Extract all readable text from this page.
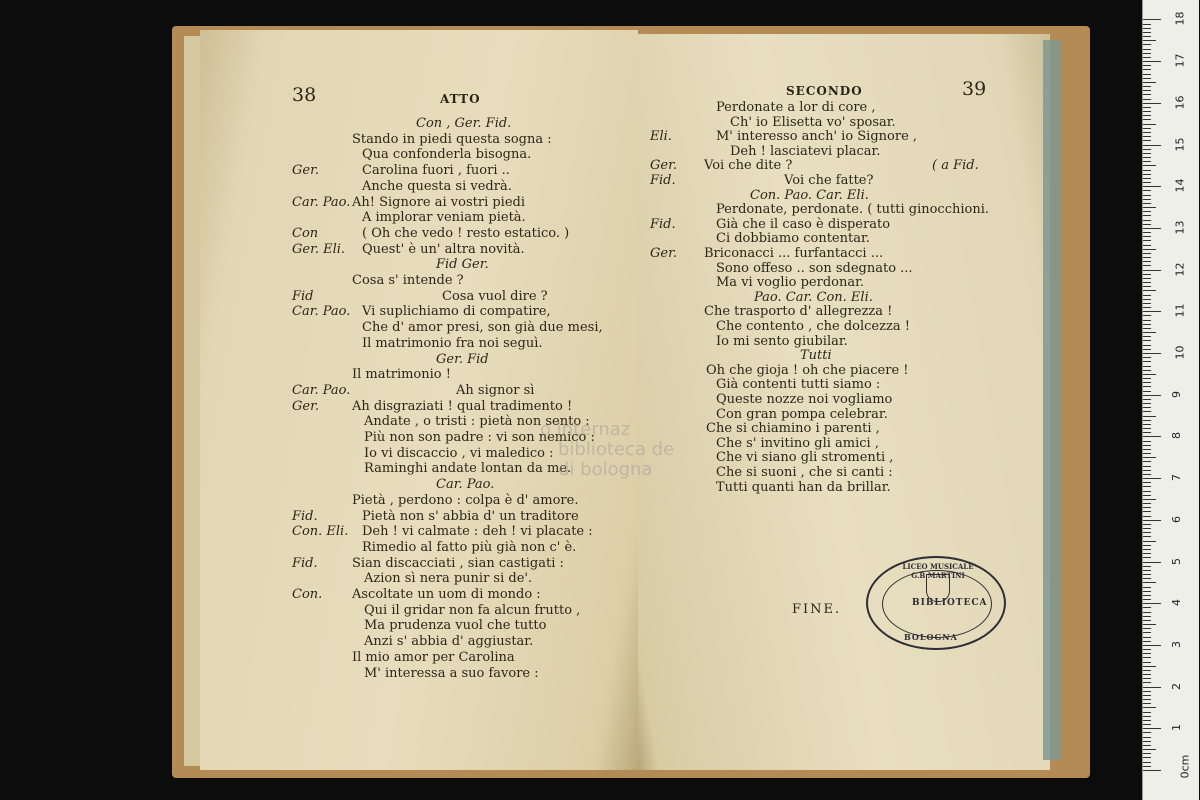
38	ATTO	39
SECONDO
Con , Ger. Fid.
Stando in piedi questa sogna :
Qua confonderla bisogna.
Ger.	Carolina fuori , fuori ..
Anche questa si vedrà.
Car. Pao. Ah! Signore ai vostri piedi
A implorar veniam pietà.
Con	( Oh che vedo ! resto estatico. )
Ger. Eli. Quest' è un' altra novità.
Fid Ger.
Cosa s' intende ?
Fid	Cosa vuol dire ?
Car. Pao. Vi suplichiamo di compatire,
Che d' amor presi, son già due mesi,
Il matrimonio fra noi seguì.
Ger. Fid
Il matrimonio !
Car. Pao.	Ah signor sì
Ger.	Ah disgraziati ! qual tradimento !
Andate , o tristi : pietà non sento :
Più non son padre : vi son nemico :
Io vi discaccio , vi maledico :
Raminghi andate lontan da me.
Car. Pao.
Pietà , perdono : colpa è d' amore.
Fid.	Pietà non s' abbia d' un traditore
Con. Eli. Deh ! vi calmate : deh ! vi placate :
Rimedio al fatto più già non c' è.
Fid.	Sian discacciati , sian castigati :
Azion sì nera punir si de'.
Con. Ascoltate un uom di mondo :
Qui il gridar non fa alcun frutto ,
Ma prudenza vuol che tutto
Anzi s' abbia d' aggiustar.
Il mio amor per Carolina
M' interessa a suo favore :
Perdonate a lor di core ,
Ch' io Elisetta vo' sposar.
Eli.	M' interesso anch' io Signore ,
Deh ! lasciatevi placar.
Ger. Voi che dite ?	( a Fid.
Fid.	Voi che fatte?
Con. Pao. Car. Eli.
Perdonate, perdonate. ( tutti ginocchioni.
Fid.	Già che il caso è disperato
Ci dobbiamo contentar.
Ger. Briconacci ... furfantacci ...
Sono offeso .. son sdegnato ...
Ma vi voglio perdonar.
Pao. Car. Con. Eli.
Che trasporto d' allegrezza !
Che contento , che dolcezza !
Io mi sento giubilar.
Tutti
Oh che gioja ! oh che piacere !
Già contenti tutti siamo :
Queste nozze noi vogliamo
Con gran pompa celebrar.
Che si chiamino i parenti ,
Che s' invitino gli amici ,
Che vi siano gli stromenti ,
Che si suoni , che si canti :
Tutti quanti han da brillar.
FINE.
LICEO MUSICALE G.B.MARTINI
BIBLIOTECA
BOLOGNA
o internaz
biblioteca de
di bologna
0cm
1
2
3
4
5
6
7
8
9
10
11
12
13
14
15
16
17
18
